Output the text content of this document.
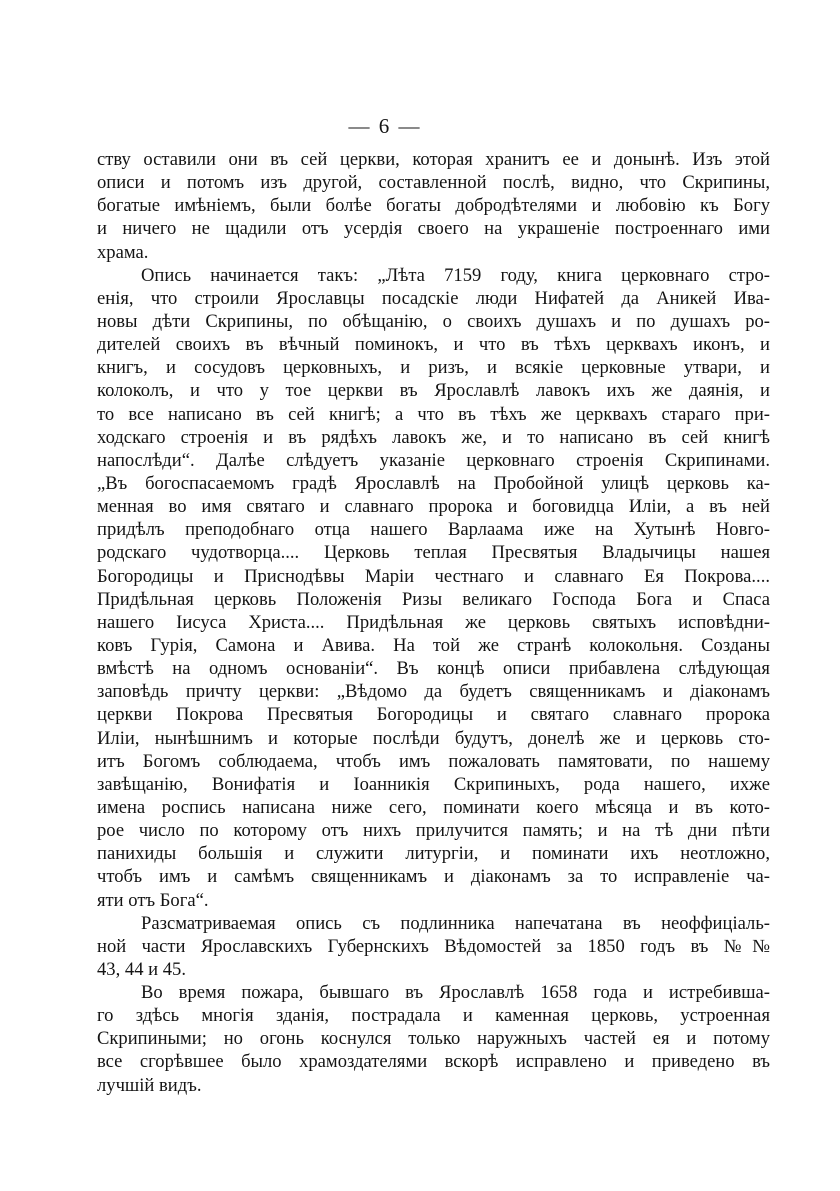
— 6 —
ству оставили они въ сей церкви, которая хранитъ ее и донынѣ. Изъ этой
описи и потомъ изъ другой, составленной послѣ, видно, что Скрипины,
богатые имѣніемъ, были болѣе богаты добродѣтелями и любовію къ Богу
и ничего не щадили отъ усердія своего на украшеніе построеннаго ими
храма.
Опись начинается такъ: „Лѣта 7159 году, книга церковнаго стро-
енія, что строили Ярославцы посадскіе люди Нифатей да Аникей Ива-
новы дѣти Скрипины, по обѣщанію, о своихъ душахъ и по душахъ ро-
дителей своихъ въ вѣчный поминокъ, и что въ тѣхъ церквахъ иконъ, и
книгъ, и сосудовъ церковныхъ, и ризъ, и всякіе церковные утвари, и
колоколъ, и что у тое церкви въ Ярославлѣ лавокъ ихъ же даянія, и
то все написано въ сей книгѣ; а что въ тѣхъ же церквахъ стараго при-
ходскаго строенія и въ рядѣхъ лавокъ же, и то написано въ сей книгѣ
напослѣди“. Далѣе слѣдуетъ указаніе церковнаго строенія Скрипинами.
„Въ богоспасаемомъ градѣ Ярославлѣ на Пробойной улицѣ церковь ка-
менная во имя святаго и славнаго пророка и боговидца Иліи, а въ ней
придѣлъ преподобнаго отца нашего Варлаама иже на Хутынѣ Новго-
родскаго чудотворца.... Церковь теплая Пресвятыя Владычицы нашея
Богородицы и Приснодѣвы Маріи честнаго и славнаго Ея Покрова....
Придѣльная церковь Положенія Ризы великаго Господа Бога и Спаса
нашего Іисуса Христа.... Придѣльная же церковь святыхъ исповѣдни-
ковъ Гурія, Самона и Авива. На той же странѣ колокольня. Созданы
вмѣстѣ на одномъ основаніи“. Въ концѣ описи прибавлена слѣдующая
заповѣдь причту церкви: „Вѣдомо да будетъ священникамъ и діаконамъ
церкви Покрова Пресвятыя Богородицы и святаго славнаго пророка
Иліи, нынѣшнимъ и которые послѣди будутъ, донелѣ же и церковь сто-
итъ Богомъ соблюдаема, чтобъ имъ пожаловать памятовати, по нашему
завѣщанію, Вонифатія и Іоанникія Скрипиныхъ, рода нашего, ихже
имена роспись написана ниже сего, поминати коего мѣсяца и въ кото-
рое число по которому отъ нихъ прилучится память; и на тѣ дни пѣти
панихиды большія и служити литургіи, и поминати ихъ неотложно,
чтобъ имъ и самѣмъ священникамъ и діаконамъ за то исправленіе ча-
яти отъ Бога“.
Разсматриваемая опись съ подлинника напечатана въ неоффиціаль-
ной части Ярославскихъ Губернскихъ Вѣдомостей за 1850 годъ въ №№
43, 44 и 45.
Во время пожара, бывшаго въ Ярославлѣ 1658 года и истребивша-
го здѣсь многія зданія, пострадала и каменная церковь, устроенная
Скрипиными; но огонь коснулся только наружныхъ частей ея и потому
все сгорѣвшее было храмоздателями вскорѣ исправлено и приведено въ
лучшій видъ.
